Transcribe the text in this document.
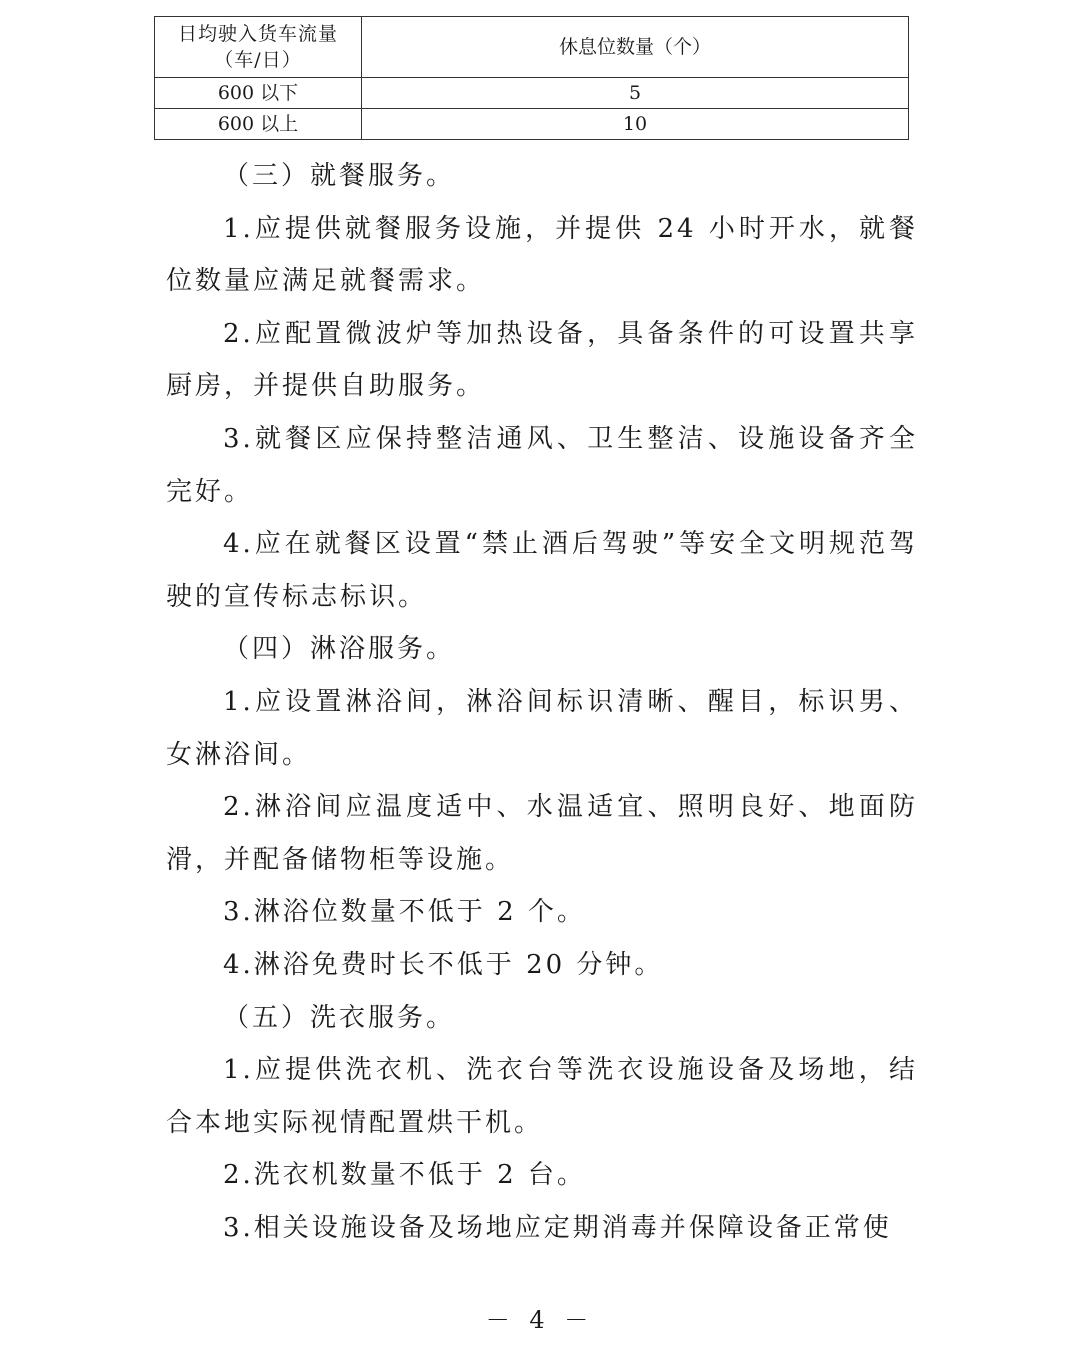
日均驶入货车流量
（车/日）	休息位数量（个）
600 以下	5
600 以上	10

（三）就餐服务。

1.应提供就餐服务设施，并提供 24 小时开水，就餐位数量应满足就餐需求。

2.应配置微波炉等加热设备，具备条件的可设置共享厨房，并提供自助服务。

3.就餐区应保持整洁通风、卫生整洁、设施设备齐全完好。

4.应在就餐区设置“禁止酒后驾驶”等安全文明规范驾驶的宣传标志标识。

（四）淋浴服务。

1.应设置淋浴间，淋浴间标识清晰、醒目，标识男、女淋浴间。

2.淋浴间应温度适中、水温适宜、照明良好、地面防滑，并配备储物柜等设施。

3.淋浴位数量不低于 2 个。

4.淋浴免费时长不低于 20 分钟。

（五）洗衣服务。

1.应提供洗衣机、洗衣台等洗衣设施设备及场地，结合本地实际视情配置烘干机。

2.洗衣机数量不低于 2 台。

3.相关设施设备及场地应定期消毒并保障设备正常使

－ 4 －
